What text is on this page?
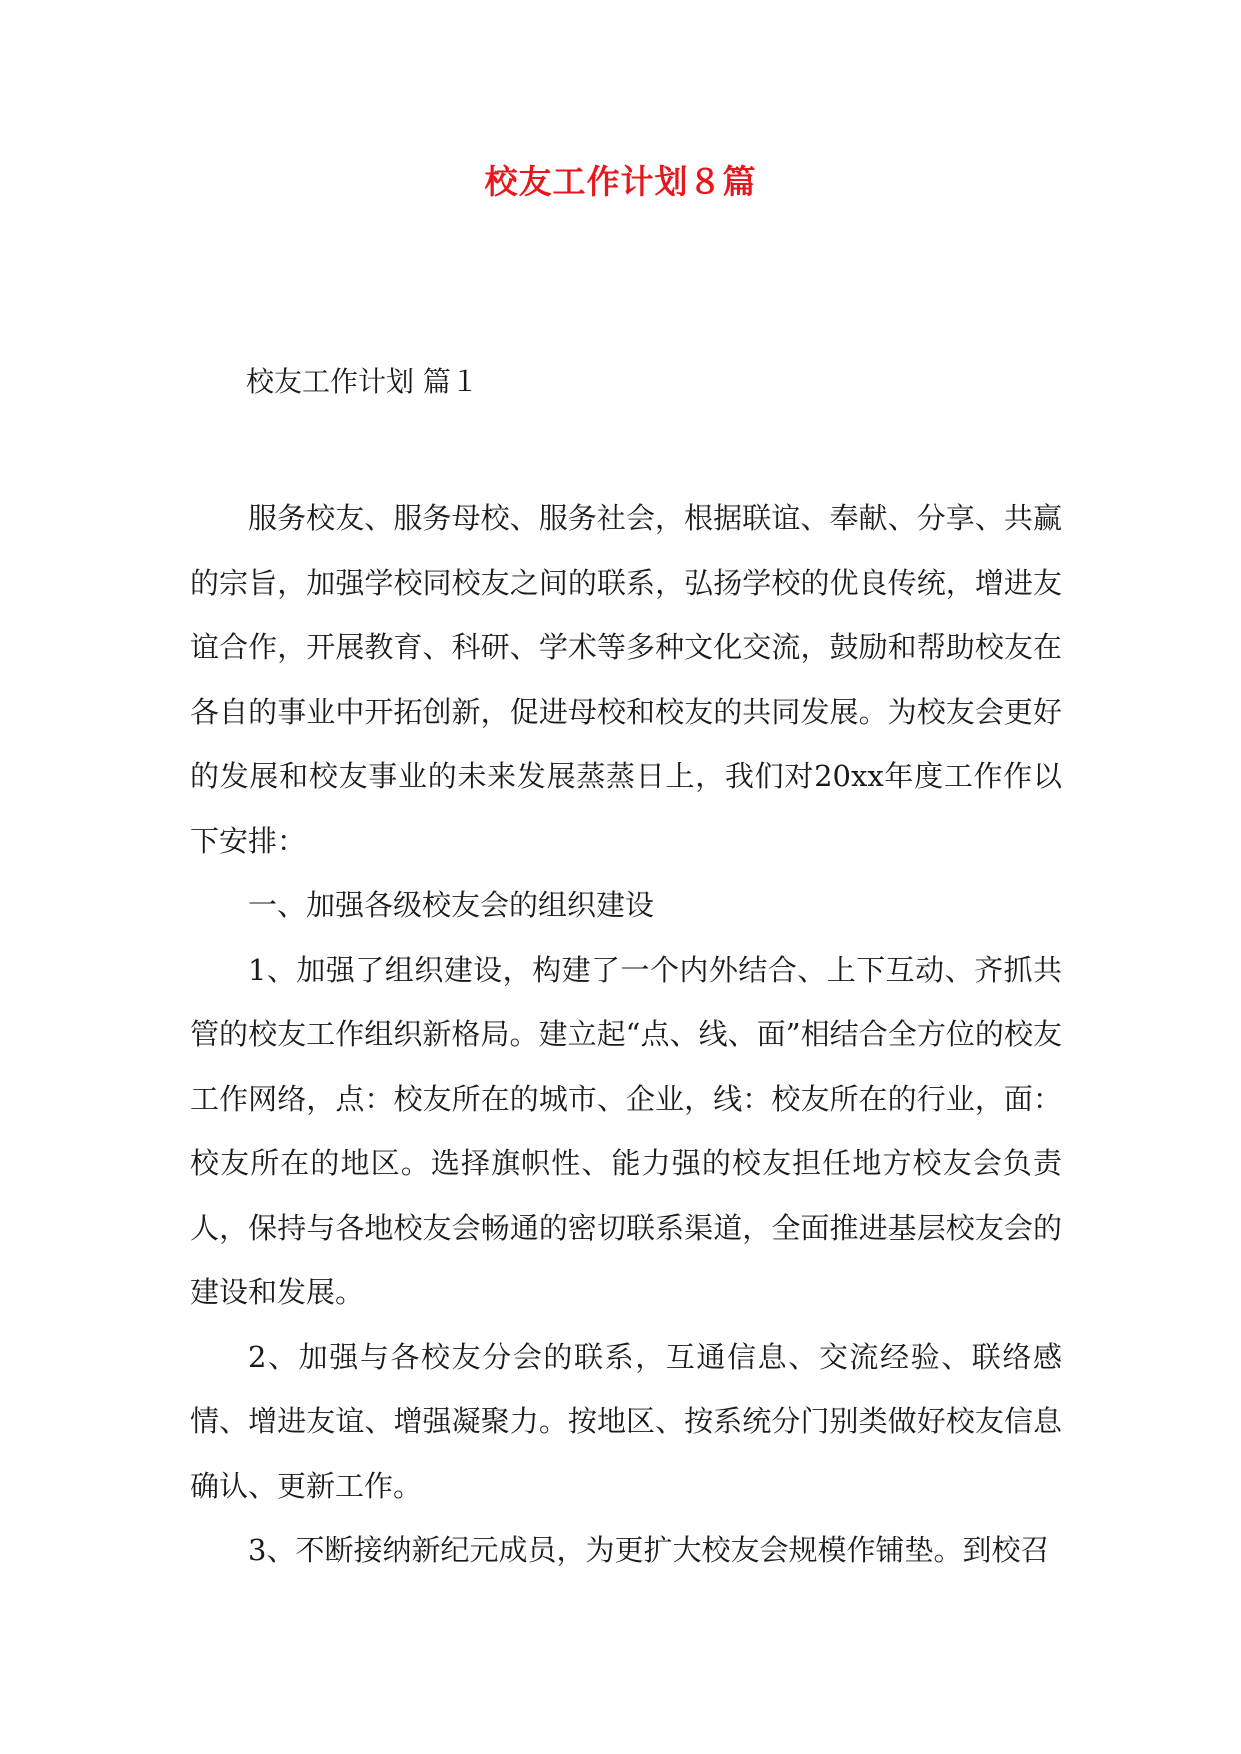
校友工作计划８篇
校友工作计划 篇１

服务校友、服务母校、服务社会，根据联谊、奉献、分享、共赢的宗旨，加强学校同校友之间的联系，弘扬学校的优良传统，增进友谊合作，开展教育、科研、学术等多种文化交流，鼓励和帮助校友在各自的事业中开拓创新，促进母校和校友的共同发展。为校友会更好的发展和校友事业的未来发展蒸蒸日上，我们对20xx年度工作作以下安排：

一、加强各级校友会的组织建设

1、加强了组织建设，构建了一个内外结合、上下互动、齐抓共管的校友工作组织新格局。建立起“点、线、面”相结合全方位的校友工作网络，点：校友所在的城市、企业，线：校友所在的行业，面：校友所在的地区。选择旗帜性、能力强的校友担任地方校友会负责人，保持与各地校友会畅通的密切联系渠道，全面推进基层校友会的建设和发展。

2、加强与各校友分会的联系，互通信息、交流经验、联络感情、增进友谊、增强凝聚力。按地区、按系统分门别类做好校友信息确认、更新工作。

3、不断接纳新纪元成员，为更扩大校友会规模作铺垫。到校召
